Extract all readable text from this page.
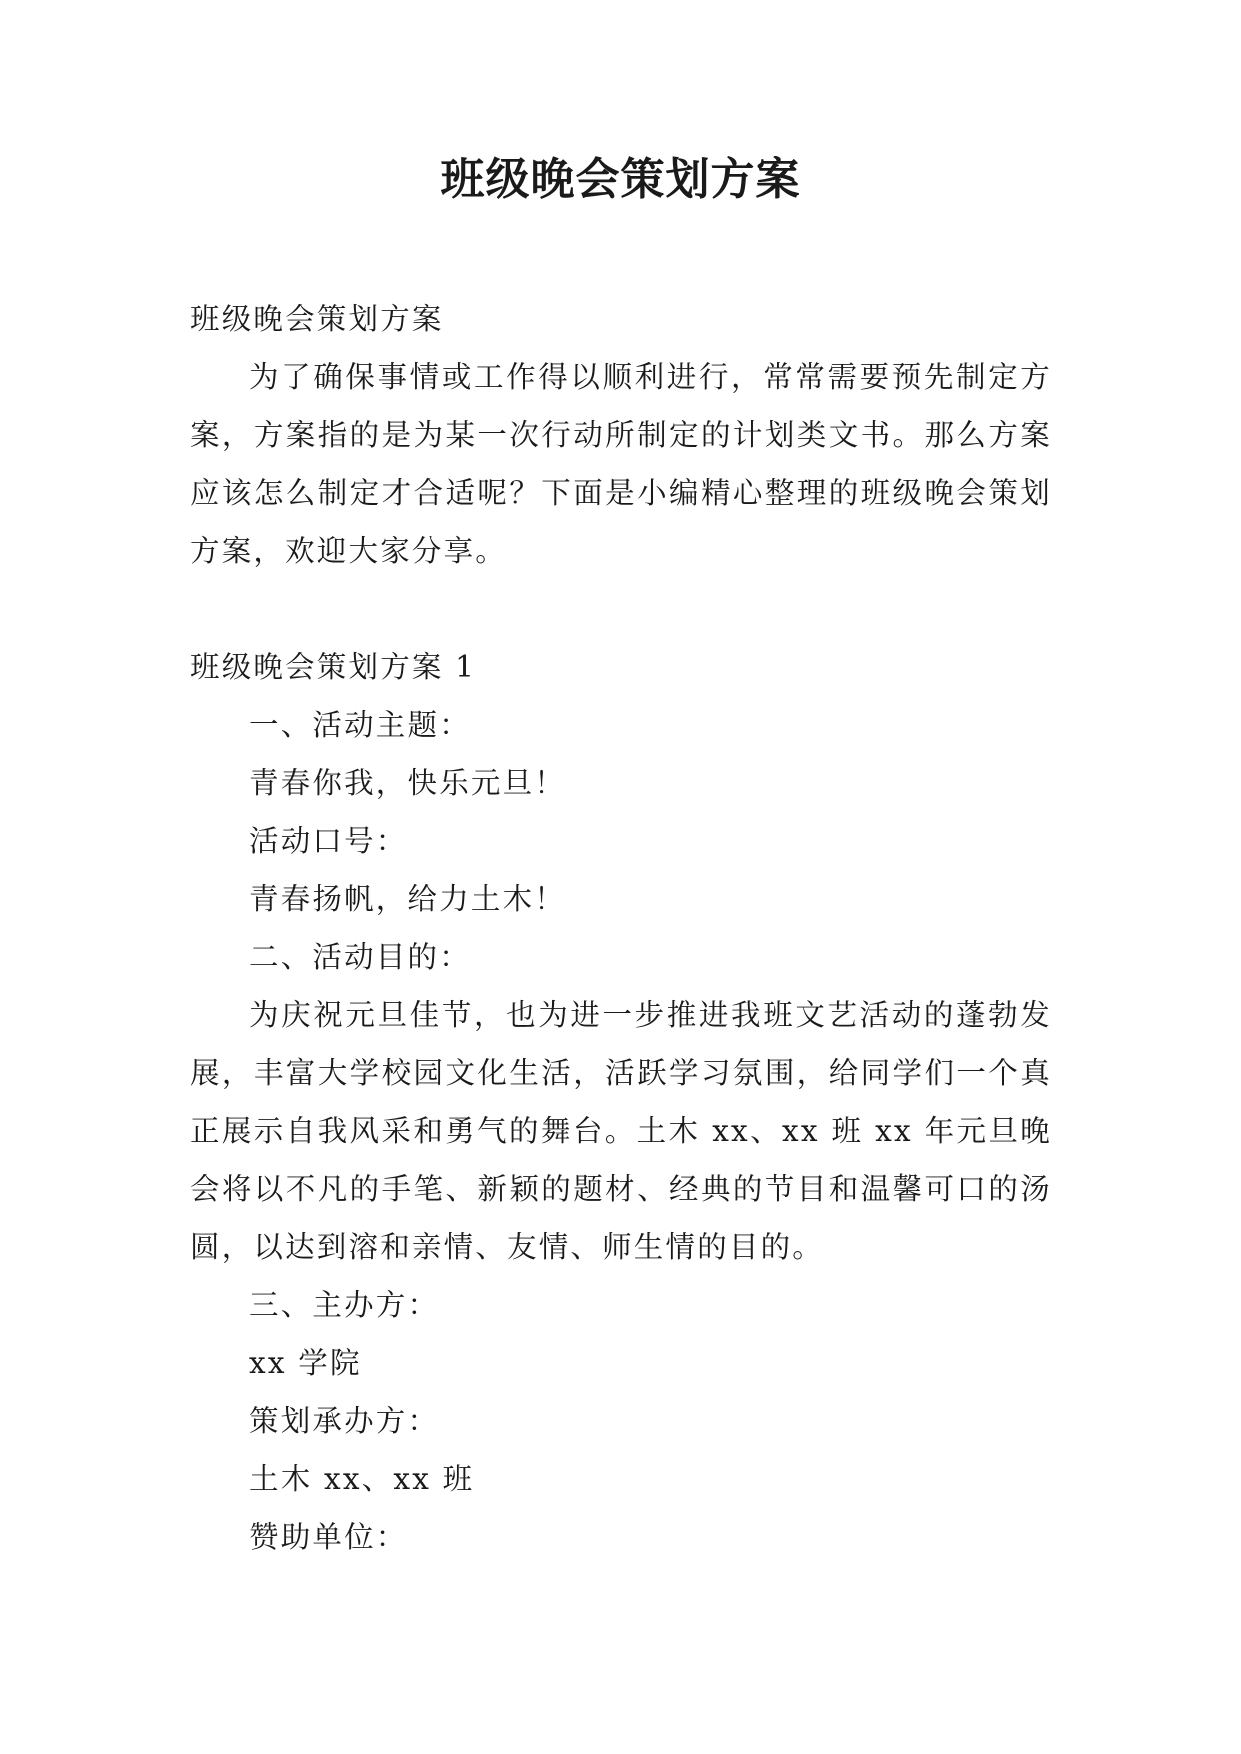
班级晚会策划方案

班级晚会策划方案

为了确保事情或工作得以顺利进行，常常需要预先制定方案，方案指的是为某一次行动所制定的计划类文书。那么方案应该怎么制定才合适呢？下面是小编精心整理的班级晚会策划方案，欢迎大家分享。

班级晚会策划方案 1

一、活动主题：

青春你我，快乐元旦！

活动口号：

青春扬帆，给力土木！

二、活动目的：

为庆祝元旦佳节，也为进一步推进我班文艺活动的蓬勃发展，丰富大学校园文化生活，活跃学习氛围，给同学们一个真正展示自我风采和勇气的舞台。土木 xx、xx 班 xx 年元旦晚会将以不凡的手笔、新颖的题材、经典的节目和温馨可口的汤圆，以达到溶和亲情、友情、师生情的目的。

三、主办方：

xx 学院

策划承办方：

土木 xx、xx 班

赞助单位：
